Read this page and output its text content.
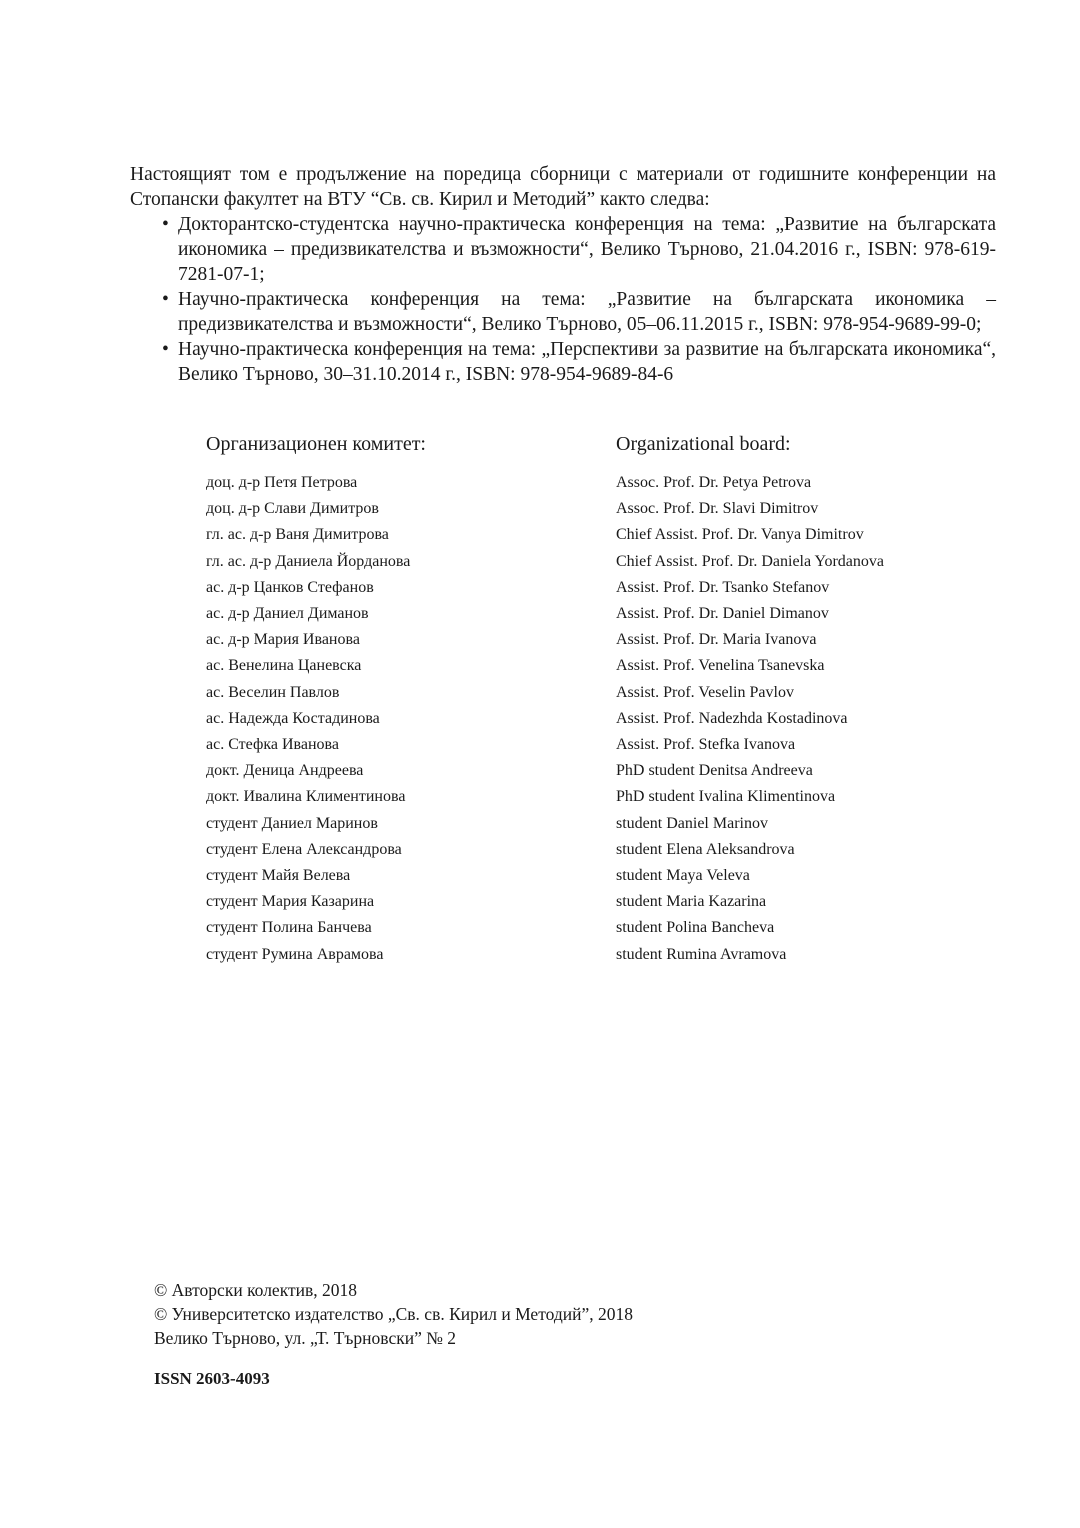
Настоящият том е продължение на поредица сборници с материали от годишните конференции на Стопански факултет на ВТУ “Св. св. Кирил и Методий” както следва:

• Докторантско-студентска научно-практическа конференция на тема: „Развитие на българската икономика – предизвикателства и възможности“, Велико Търново, 21.04.2016 г., ISBN: 978-619-7281-07-1;
• Научно-практическа конференция на тема: „Развитие на българската икономика – предизвикателства и възможности“, Велико Търново, 05–06.11.2015 г., ISBN: 978-954-9689-99-0;
• Научно-практическа конференция на тема: „Перспективи за развитие на българската икономика“, Велико Търново, 30–31.10.2014 г., ISBN: 978-954-9689-84-6
Организационен комитет:
доц. д-р Петя Петрова
доц. д-р Слави Димитров
гл. ас. д-р Ваня Димитрова
гл. ас. д-р Даниела Йорданова
ас. д-р Цанков Стефанов
ас. д-р Даниел Диманов
ас. д-р Мария Иванова
ас. Венелина Цаневска
ас. Веселин Павлов
ас. Надежда Костадинова
ас. Стефка Иванова
докт. Деница Андреева
докт. Ивалина Климентинова
студент Даниел Маринов
студент Елена Александрова
студент Майя Велева
студент Мария Казарина
студент Полина Банчева
студент Румина Аврамова
Organizational board:
Assoc. Prof. Dr. Petya Petrova
Assoc. Prof. Dr. Slavi Dimitrov
Chief Assist. Prof. Dr. Vanya Dimitrov
Chief Assist. Prof. Dr. Daniela Yordanova
Assist. Prof. Dr. Tsanko Stefanov
Assist. Prof. Dr. Daniel Dimanov
Assist. Prof. Dr. Maria Ivanova
Assist. Prof. Venelina Tsanevska
Assist. Prof. Veselin Pavlov
Assist. Prof. Nadezhda Kostadinova
Assist. Prof. Stefka Ivanova
PhD student Denitsa Andreeva
PhD student Ivalina Klimentinova
student Daniel Marinov
student Elena Aleksandrova
student Maya Veleva
student Maria Kazarina
student Polina Bancheva
student Rumina Avramova
© Авторски колектив, 2018
© Университетско издателство „Св. св. Кирил и Методий”, 2018
Велико Търново, ул. „Т. Търновски” № 2
ISSN 2603-4093
